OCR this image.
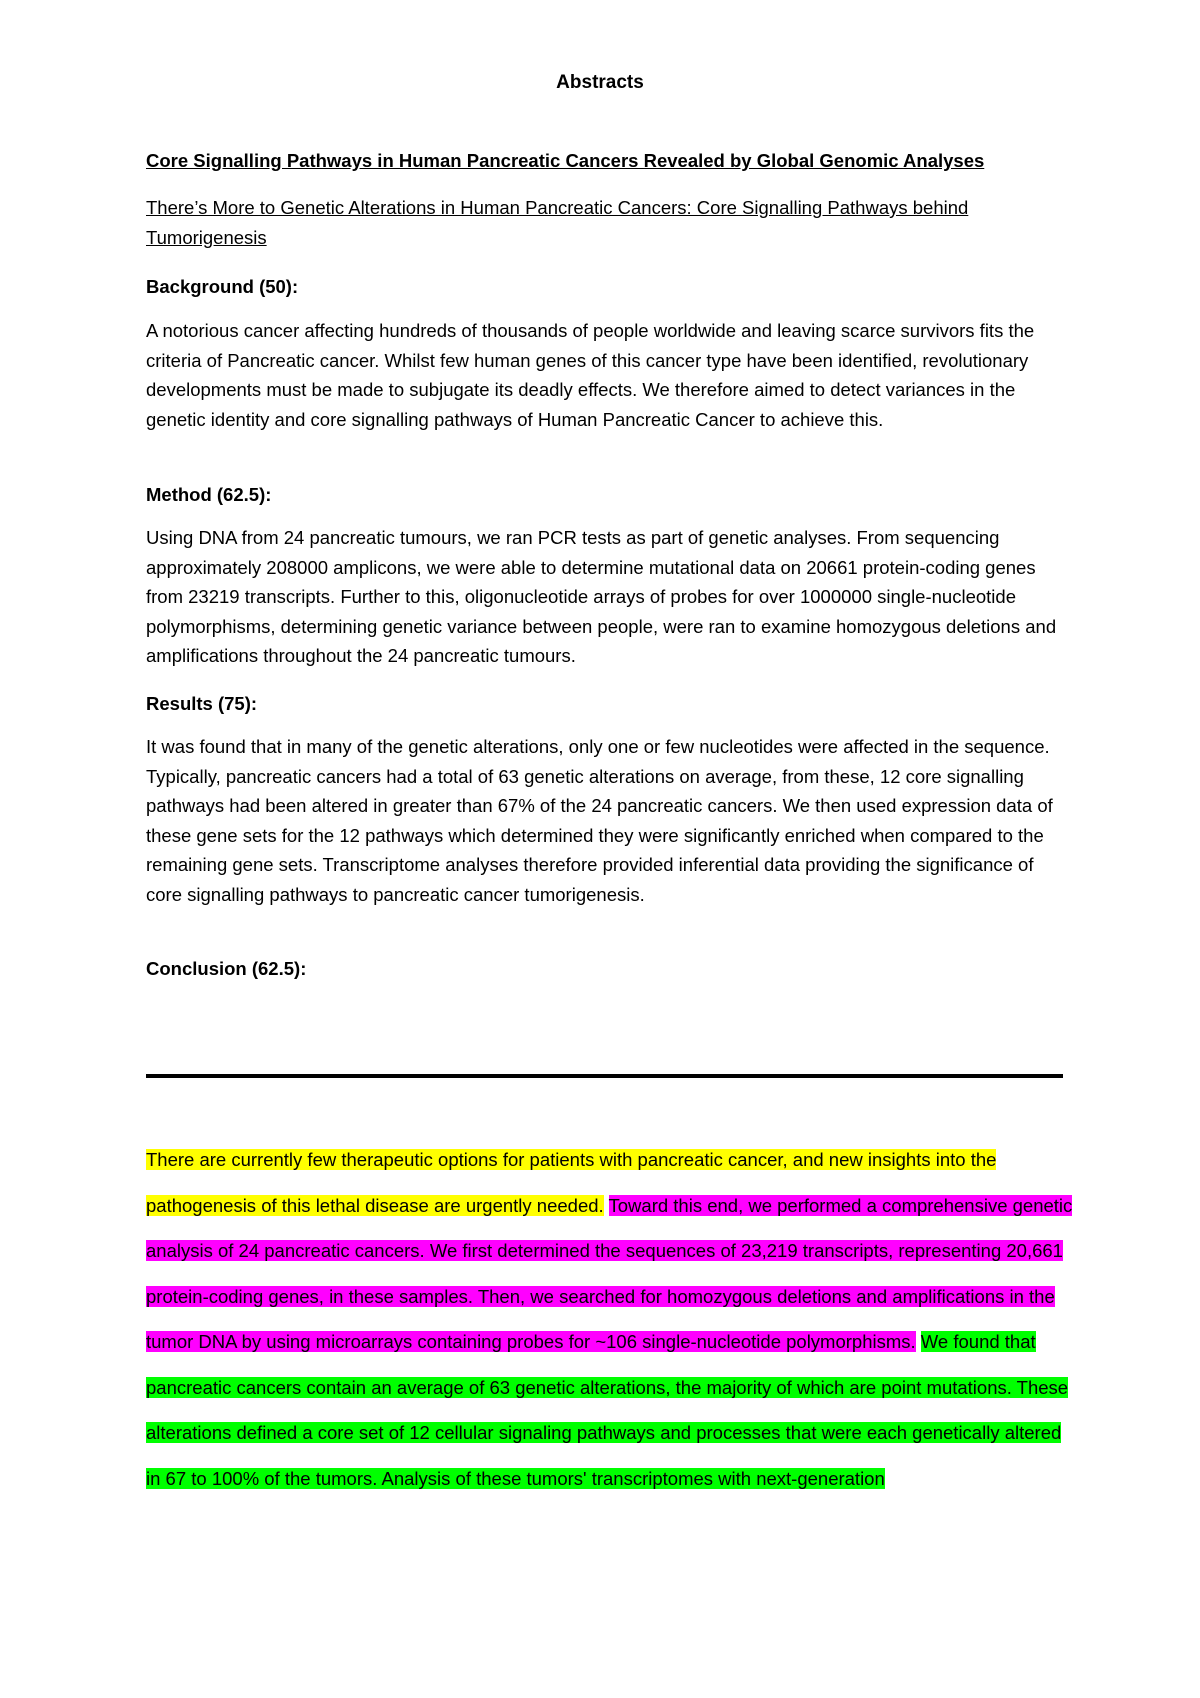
Abstracts
Core Signalling Pathways in Human Pancreatic Cancers Revealed by Global Genomic Analyses
There’s More to Genetic Alterations in Human Pancreatic Cancers: Core Signalling Pathways behind Tumorigenesis
Background (50):

A notorious cancer affecting hundreds of thousands of people worldwide and leaving scarce survivors fits the criteria of Pancreatic cancer. Whilst few human genes of this cancer type have been identified, revolutionary developments must be made to subjugate its deadly effects. We therefore aimed to detect variances in the genetic identity and core signalling pathways of Human Pancreatic Cancer to achieve this.

Method (62.5):

Using DNA from 24 pancreatic tumours, we ran PCR tests as part of genetic analyses. From sequencing approximately 208000 amplicons, we were able to determine mutational data on 20661 protein-coding genes from 23219 transcripts. Further to this, oligonucleotide arrays of probes for over 1000000 single-nucleotide polymorphisms, determining genetic variance between people, were ran to examine homozygous deletions and amplifications throughout the 24 pancreatic tumours.

Results (75):

It was found that in many of the genetic alterations, only one or few nucleotides were affected in the sequence. Typically, pancreatic cancers had a total of 63 genetic alterations on average, from these, 12 core signalling pathways had been altered in greater than 67% of the 24 pancreatic cancers. We then used expression data of these gene sets for the 12 pathways which determined they were significantly enriched when compared to the remaining gene sets. Transcriptome analyses therefore provided inferential data providing the significance of core signalling pathways to pancreatic cancer tumorigenesis.

Conclusion (62.5):

There are currently few therapeutic options for patients with pancreatic cancer, and new insights into the pathogenesis of this lethal disease are urgently needed. Toward this end, we performed a comprehensive genetic analysis of 24 pancreatic cancers. We first determined the sequences of 23,219 transcripts, representing 20,661 protein-coding genes, in these samples. Then, we searched for homozygous deletions and amplifications in the tumor DNA by using microarrays containing probes for ~106 single-nucleotide polymorphisms. We found that pancreatic cancers contain an average of 63 genetic alterations, the majority of which are point mutations. These alterations defined a core set of 12 cellular signaling pathways and processes that were each genetically altered in 67 to 100% of the tumors. Analysis of these tumors' transcriptomes with next-generation
